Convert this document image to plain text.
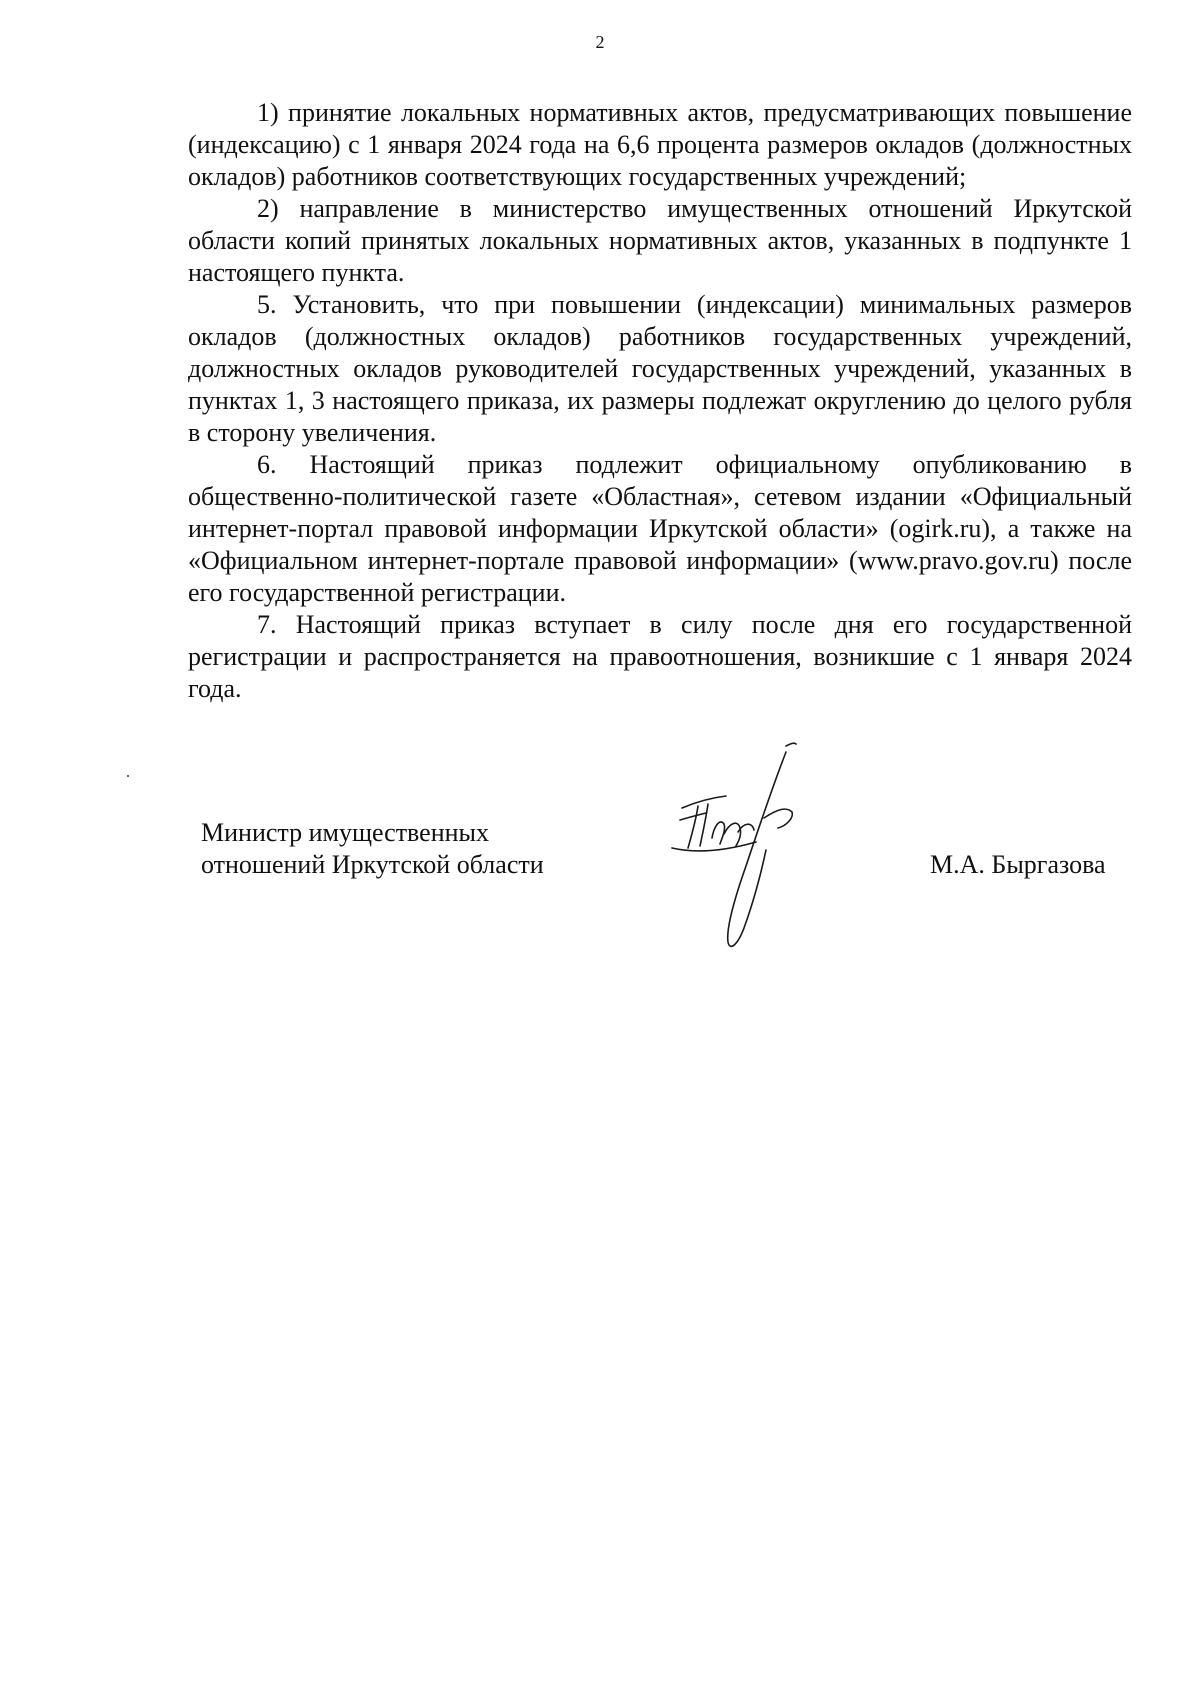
2

1) принятие локальных нормативных актов, предусматривающих повышение (индексацию) с 1 января 2024 года на 6,6 процента размеров окладов (должностных окладов) работников соответствующих государственных учреждений;

2) направление в министерство имущественных отношений Иркутской области копий принятых локальных нормативных актов, указанных в подпункте 1 настоящего пункта.

5. Установить, что при повышении (индексации) минимальных размеров окладов (должностных окладов) работников государственных учреждений, должностных окладов руководителей государственных учреждений, указанных в пунктах 1, 3 настоящего приказа, их размеры подлежат округлению до целого рубля в сторону увеличения.

6. Настоящий приказ подлежит официальному опубликованию в общественно-политической газете «Областная», сетевом издании «Официальный интернет-портал правовой информации Иркутской области» (ogirk.ru), а также на «Официальном интернет-портале правовой информации» (www.pravo.gov.ru) после его государственной регистрации.

7. Настоящий приказ вступает в силу после дня его государственной регистрации и распространяется на правоотношения, возникшие с 1 января 2024 года.

Министр имущественных
отношений Иркутской области	М.А. Быргазова
